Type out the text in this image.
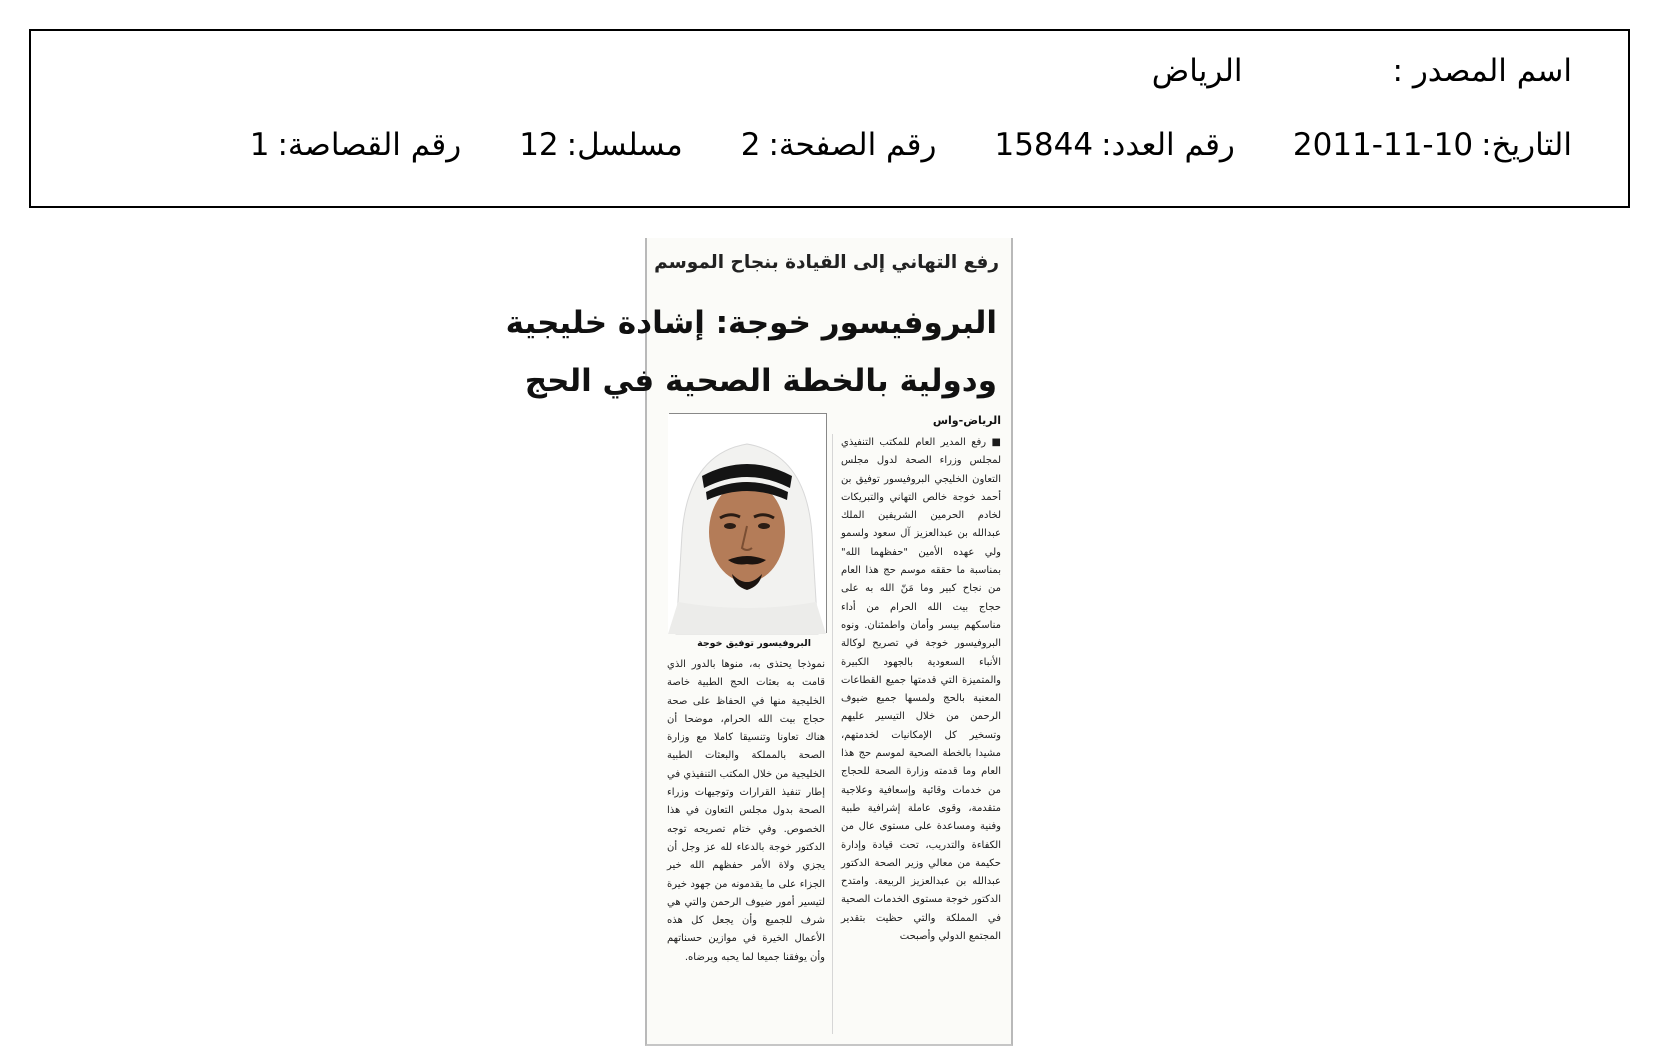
اسم المصدر :
الرياض
التاريخ:
2011-11-10
رقم العدد:
15844
رقم الصفحة:
2
مسلسل:
12
رقم القصاصة:
1
رفع التهاني إلى القيادة بنجاح الموسم
البروفيسور خوجة: إشادة خليجية
ودولية بالخطة الصحية في الحج
الرياض-واس
■ رفع المدير العام للمكتب التنفيذي لمجلس وزراء الصحة لدول مجلس التعاون الخليجي البروفيسور توفيق بن أحمد خوجة خالص التهاني والتبريكات لخادم الحرمين الشريفين الملك عبدالله بن عبدالعزيز آل سعود ولسمو ولي عهده الأمين "حفظهما الله" بمناسبة ما حققه موسم حج هذا العام من نجاح كبير وما مَنّ الله به على حجاج بيت الله الحرام من أداء مناسكهم بيسر وأمان واطمئنان. ونوه البروفيسور خوجة في تصريح لوكالة الأنباء السعودية بالجهود الكبيرة والمتميزة التي قدمتها جميع القطاعات المعنية بالحج ولمسها جميع ضيوف الرحمن من خلال التيسير عليهم وتسخير كل الإمكانيات لخدمتهم، مشيدا بالخطة الصحية لموسم حج هذا العام وما قدمته وزارة الصحة للحجاج من خدمات وقائية وإسعافية وعلاجية متقدمة، وقوى عاملة إشرافية طبية وفنية ومساعدة على مستوى عال من الكفاءة والتدريب، تحت قيادة وإدارة حكيمة من معالي وزير الصحة الدكتور عبدالله بن عبدالعزيز الربيعة. وامتدح الدكتور خوجة مستوى الخدمات الصحية في المملكة والتي حظيت بتقدير المجتمع الدولي وأصبحت
البروفيسور توفيق خوجة
نموذجا يحتذى به، منوها بالدور الذي قامت به بعثات الحج الطبية خاصة الخليجية منها في الحفاظ على صحة حجاج بيت الله الحرام، موضحا أن هناك تعاونا وتنسيقا كاملا مع وزارة الصحة بالمملكة والبعثات الطبية الخليجية من خلال المكتب التنفيذي في إطار تنفيذ القرارات وتوجيهات وزراء الصحة بدول مجلس التعاون في هذا الخصوص. وفي ختام تصريحه توجه الدكتور خوجة بالدعاء لله عز وجل أن يجزي ولاة الأمر حفظهم الله خير الجزاء على ما يقدمونه من جهود خيرة لتيسير أمور ضيوف الرحمن والتي هي شرف للجميع وأن يجعل كل هذه الأعمال الخيرة في موازين حسناتهم وأن يوفقنا جميعا لما يحبه ويرضاه.
